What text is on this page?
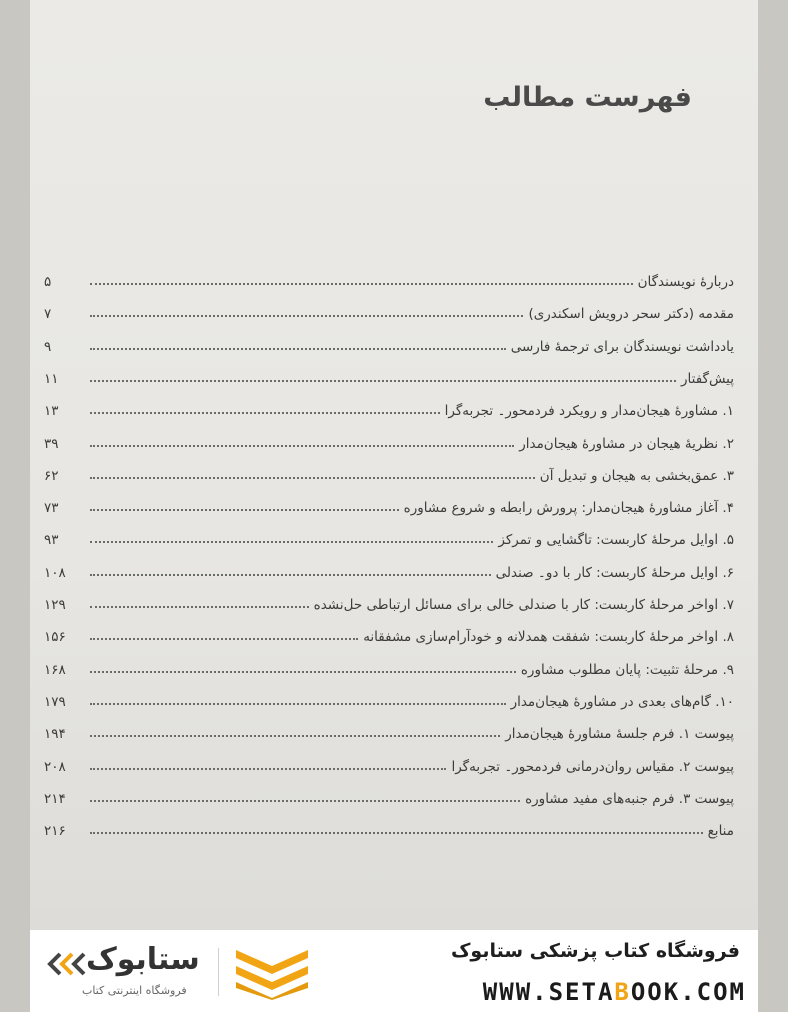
فهرست مطالب
دربارهٔ نویسندگان
۵
مقدمه (دکتر سحر درویش اسکندری)
۷
یادداشت نویسندگان برای ترجمهٔ فارسی
۹
پیش‌گفتار
۱۱
۱. مشاورهٔ هیجان‌مدار و رویکرد فردمحور۔ تجربه‌گرا
۱۳
۲. نظریهٔ هیجان در مشاورهٔ هیجان‌مدار
۳۹
۳. عمق‌بخشی به هیجان و تبدیل آن
۶۲
۴. آغاز مشاورهٔ هیجان‌مدار: پرورش رابطه و شروع مشاوره
۷۳
۵. اوایل مرحلهٔ کاربست: تاگشایی و تمرکز
۹۳
۶. اوایل مرحلهٔ کاربست: کار با دو۔ صندلی
۱۰۸
۷. اواخر مرحلهٔ کاربست: کار با صندلی خالی برای مسائل ارتباطی حل‌نشده
۱۲۹
۸. اواخر مرحلهٔ کاربست: شفقت همدلانه و خودآرام‌سازی مشفقانه
۱۵۶
۹. مرحلهٔ تثبیت: پایان مطلوب مشاوره
۱۶۸
۱۰. گام‌های بعدی در مشاورهٔ هیجان‌مدار
۱۷۹
پیوست ۱. فرم جلسهٔ مشاورهٔ هیجان‌مدار
۱۹۴
پیوست ۲. مقیاس روان‌درمانی فردمحور۔ تجربه‌گرا
۲۰۸
پیوست ۳. فرم جنبه‌های مفید مشاوره
۲۱۴
منابع
۲۱۶
ستابوک
فروشگاه اینترنتی کتاب
فروشگاه کتاب پزشکی ستابوک
WWW.SETABOOK.COM
